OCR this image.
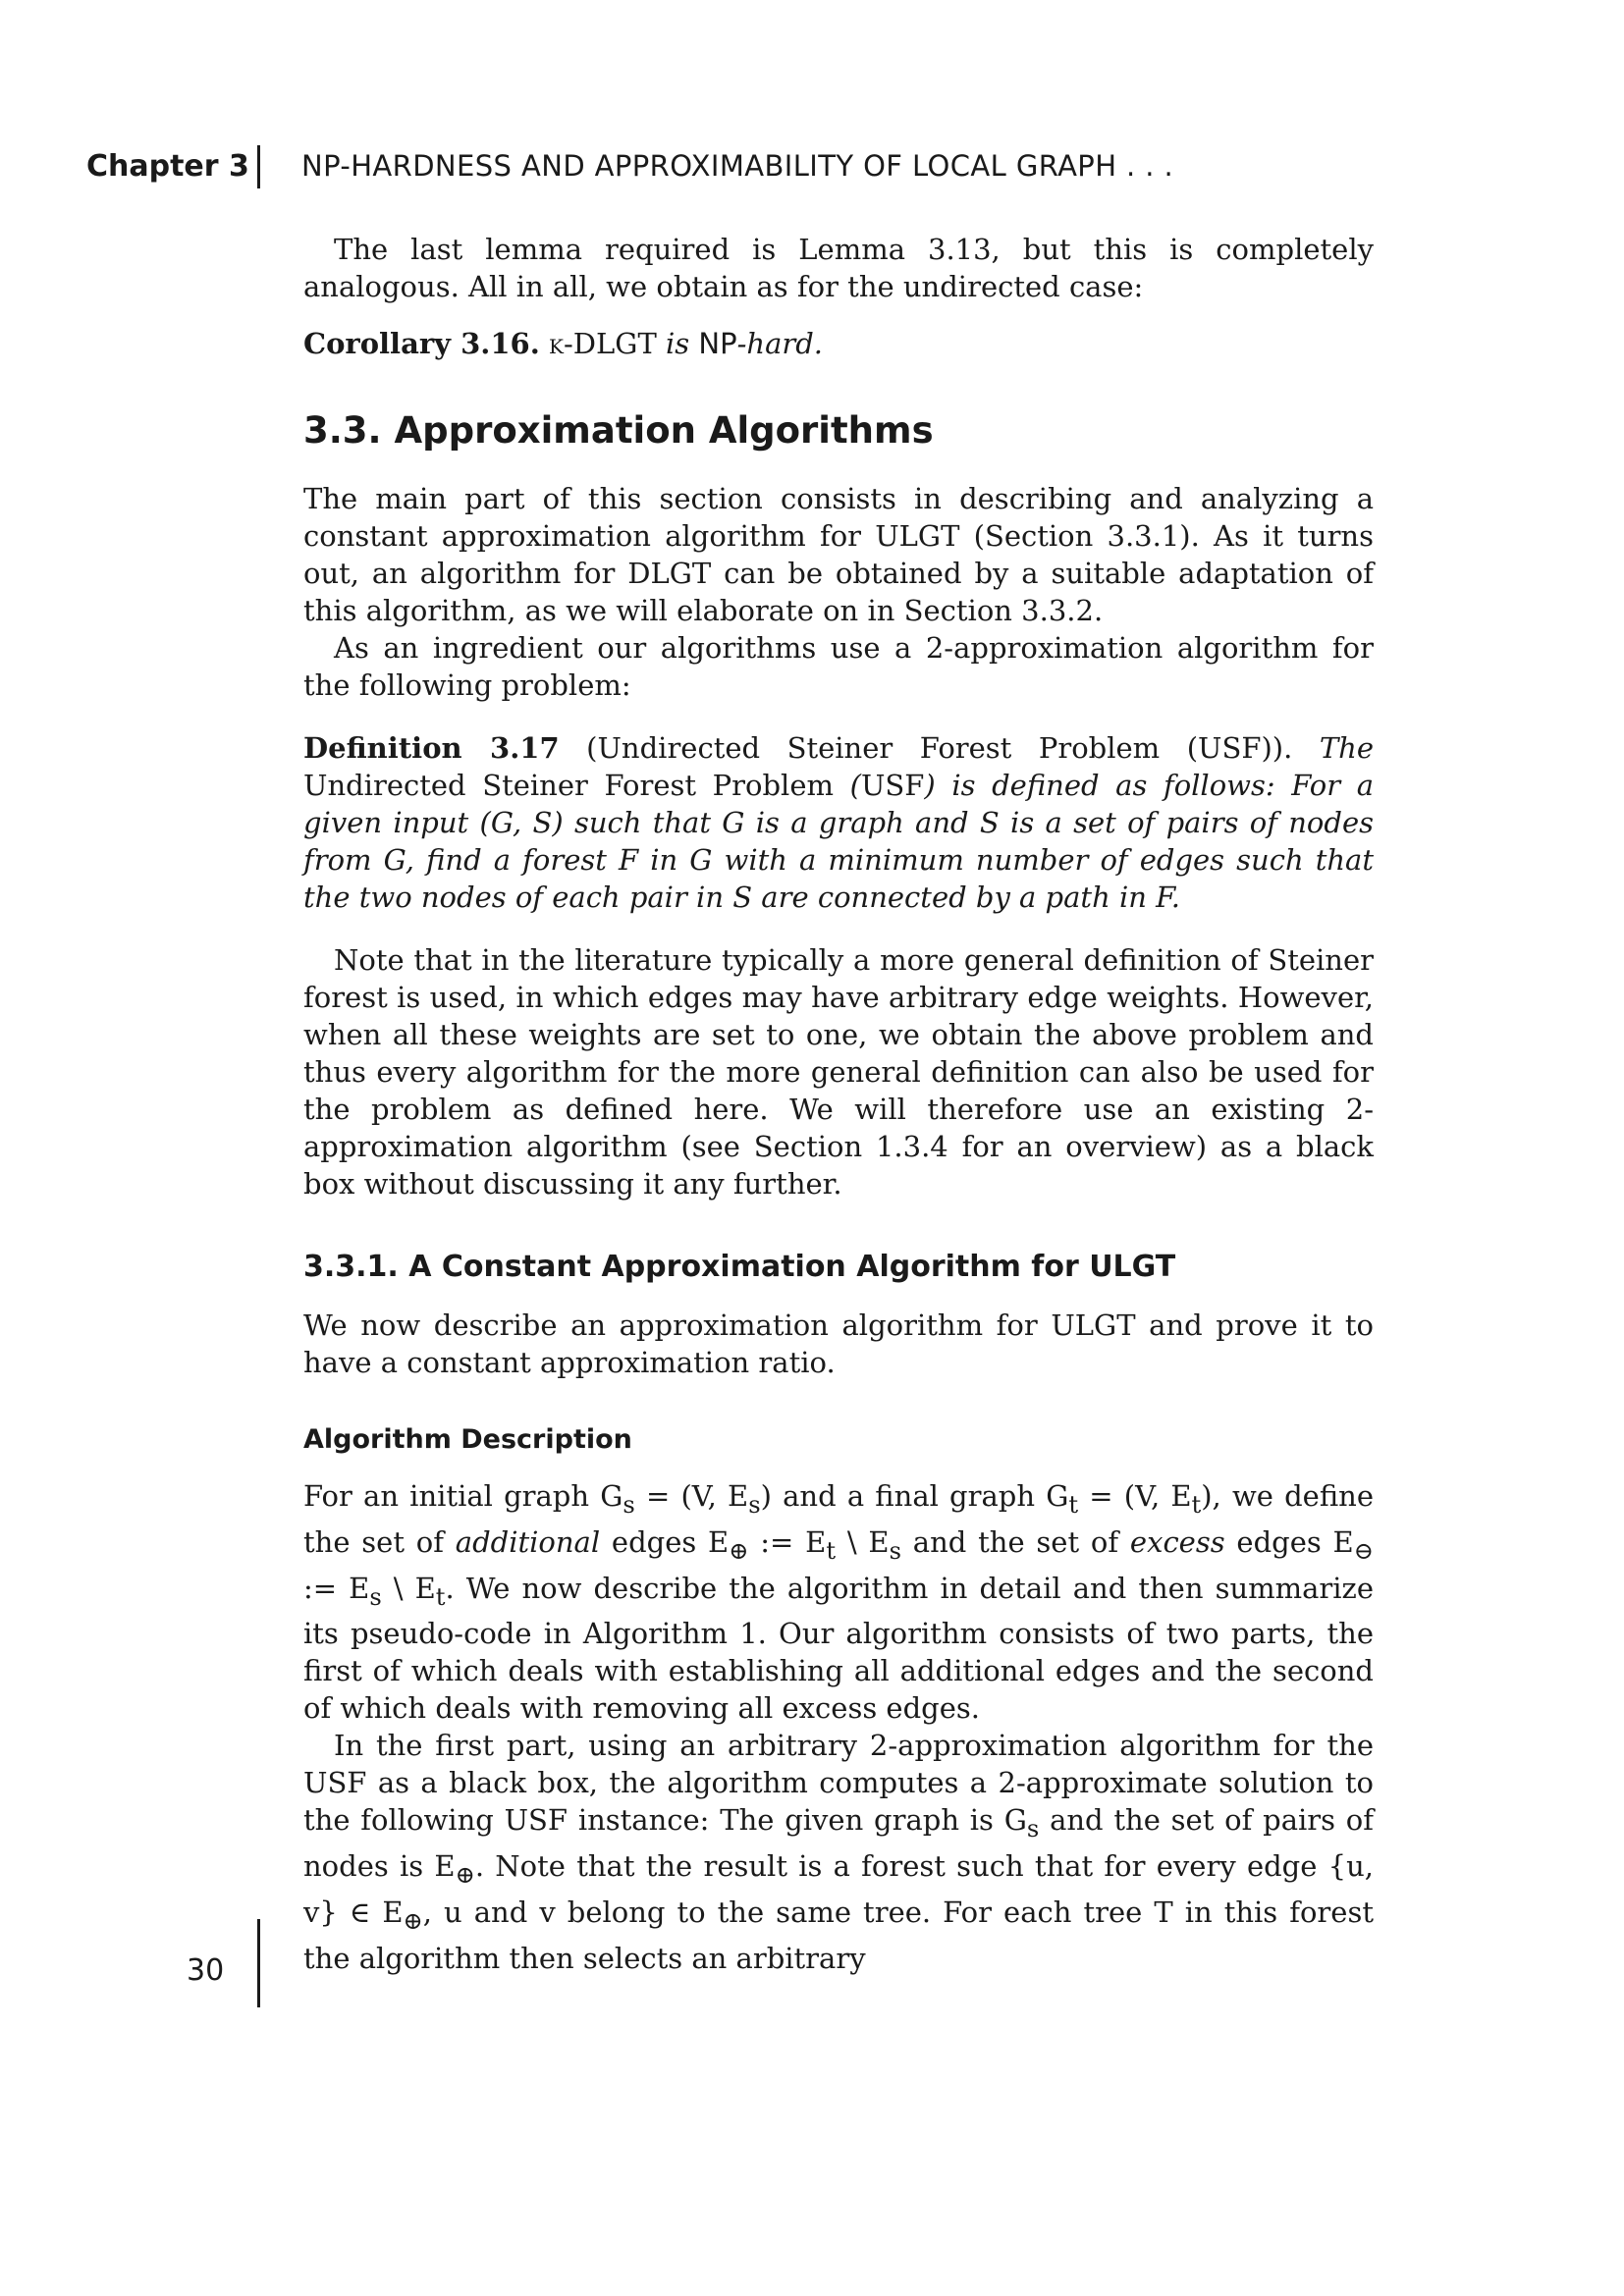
Chapter 3 NP-HARDNESS AND APPROXIMABILITY OF LOCAL GRAPH . . .

The last lemma required is Lemma 3.13, but this is completely analogous. All in all, we obtain as for the undirected case:

Corollary 3.16. k-DLGT is NP-hard.

3.3. Approximation Algorithms

The main part of this section consists in describing and analyzing a constant approximation algorithm for ULGT (Section 3.3.1). As it turns out, an algorithm for DLGT can be obtained by a suitable adaptation of this algorithm, as we will elaborate on in Section 3.3.2.

As an ingredient our algorithms use a 2-approximation algorithm for the following problem:

Definition 3.17 (Undirected Steiner Forest Problem (USF)). The Undirected Steiner Forest Problem (USF) is defined as follows: For a given input (G, S) such that G is a graph and S is a set of pairs of nodes from G, find a forest F in G with a minimum number of edges such that the two nodes of each pair in S are connected by a path in F.

Note that in the literature typically a more general definition of Steiner forest is used, in which edges may have arbitrary edge weights. However, when all these weights are set to one, we obtain the above problem and thus every algorithm for the more general definition can also be used for the problem as defined here. We will therefore use an existing 2-approximation algorithm (see Section 1.3.4 for an overview) as a black box without discussing it any further.

3.3.1. A Constant Approximation Algorithm for ULGT

We now describe an approximation algorithm for ULGT and prove it to have a constant approximation ratio.

Algorithm Description

For an initial graph $G_s = (V$, $E_s$) and a final graph $G_t = (V$, $E_t$), we define the set of additional edges $E_\oplus$ := $E_t$ \ $E_s$ and the set of excess edges $E_⊖$ := $E_s$ \ $E_t$. We now describe the algorithm in detail and then summarize its pseudo-code in Algorithm 1. Our algorithm consists of two parts, the first of which deals with establishing all additional edges and the second of which deals with removing all excess edges.

In the first part, using an arbitrary 2-approximation algorithm for the USF as a black box, the algorithm computes a 2-approximate solution to the following USF instance: The given graph is $G_s$ and the set of pairs of nodes is $E_\oplus$. Note that the result is a forest such that for every edge {u, v} ∈ $E_\oplus$, u and v belong to the same tree. For each tree T in this forest the algorithm then selects an arbitrary

30
